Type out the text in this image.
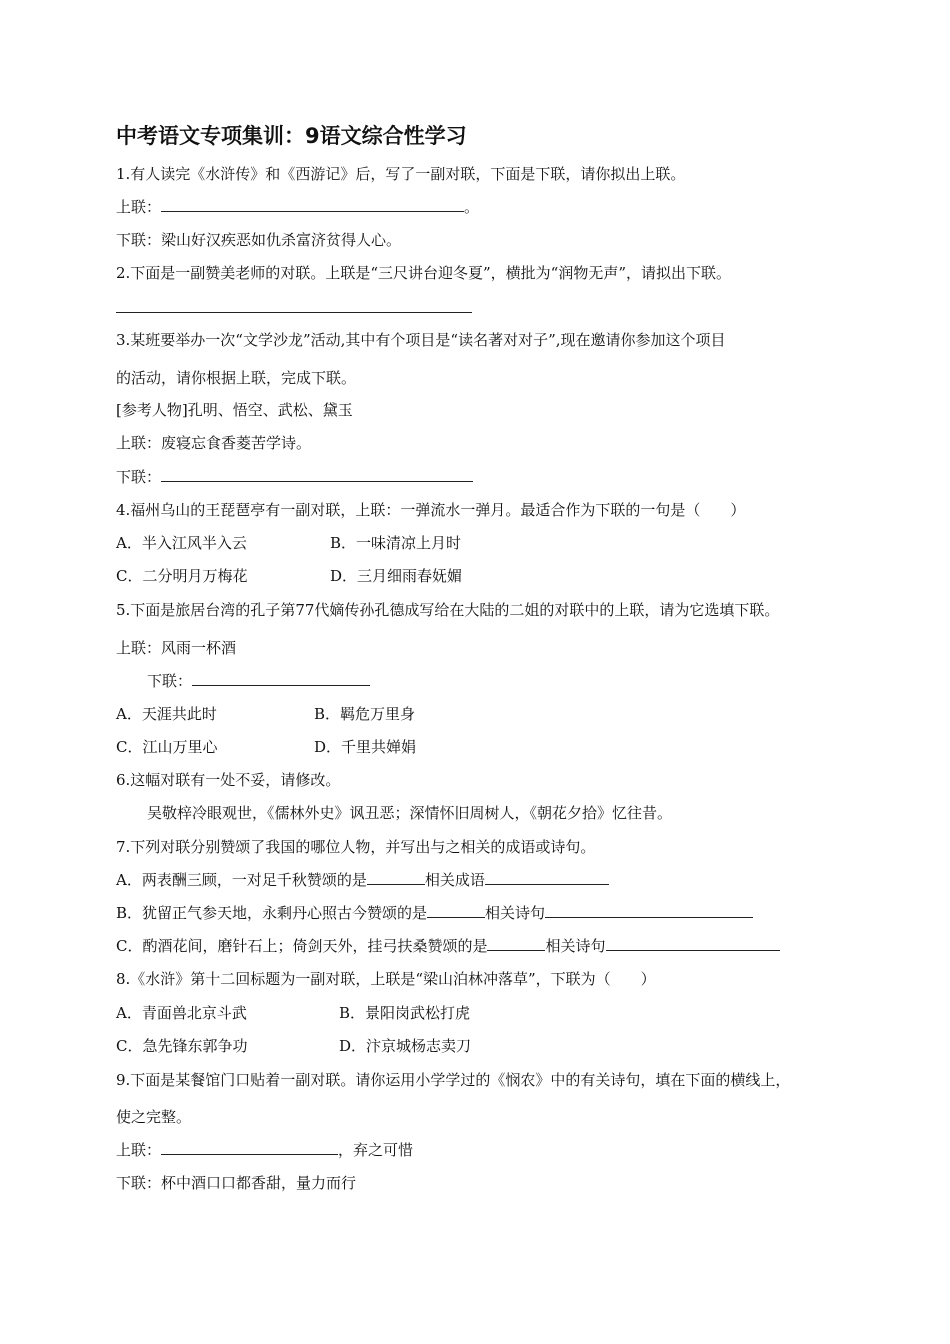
中考语文专项集训：9语文综合性学习
1.有人读完《水浒传》和《西游记》后，写了一副对联，下面是下联，请你拟出上联。
上联：	。
下联：梁山好汉疾恶如仇杀富济贫得人心。
2.下面是一副赞美老师的对联。上联是“三尺讲台迎冬夏”，横批为“润物无声”，请拟出下联。
3.某班要举办一次“文学沙龙”活动,其中有个项目是“读名著对对子”,现在邀请你参加这个项目
的活动，请你根据上联，完成下联。
[参考人物]孔明、悟空、武松、黛玉
上联：废寝忘食香菱苦学诗。
下联：
4.福州乌山的王琵琶亭有一副对联，上联：一弹流水一弹月。最适合作为下联的一句是（　　）
A．半入江风半入云	B．一味清凉上月时
C．二分明月万梅花	D．三月细雨春妩媚
5.下面是旅居台湾的孔子第77代嫡传孙孔德成写给在大陆的二姐的对联中的上联，请为它选填下联。
上联：风雨一杯酒
下联：
A．天涯共此时	B．羁危万里身
C．江山万里心	D．千里共婵娟
6.这幅对联有一处不妥，请修改。
吴敬梓冷眼观世，《儒林外史》讽丑恶；深情怀旧周树人，《朝花夕拾》忆往昔。
7.下列对联分别赞颂了我国的哪位人物，并写出与之相关的成语或诗句。
A．两表酬三顾，一对足千秋赞颂的是	相关成语
B．犹留正气参天地，永剩丹心照古今赞颂的是	相关诗句
C．酌酒花间，磨针石上；倚剑天外，挂弓扶桑赞颂的是	相关诗句
8.《水浒》第十二回标题为一副对联，上联是“梁山泊林冲落草”，下联为（　　）
A．青面兽北京斗武	B．景阳岗武松打虎
C．急先锋东郭争功	D．汴京城杨志卖刀
9.下面是某餐馆门口贴着一副对联。请你运用小学学过的《悯农》中的有关诗句，填在下面的横线上，
使之完整。
上联：	，弃之可惜
下联：杯中酒口口都香甜，量力而行
